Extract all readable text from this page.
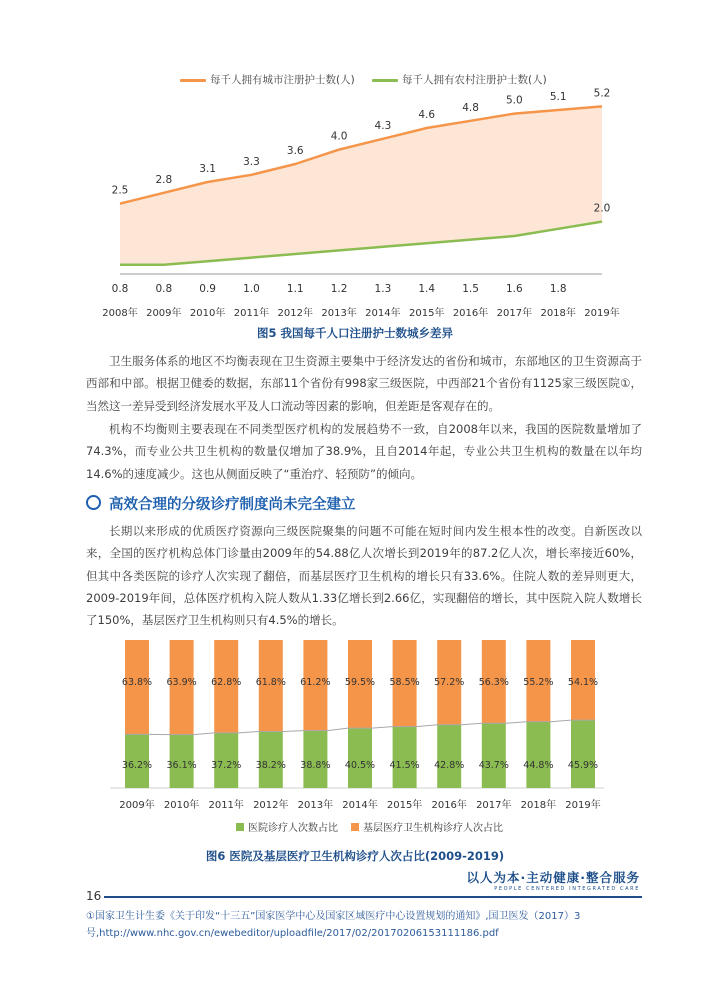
每千人拥有城市注册护士数(人)	每千人拥有农村注册护士数(人)
2.5
2.8
3.1
3.3
3.6
4.0
4.3
4.6
4.8
5.0	5.1	5.2
0.8	0.8	0.9	1.0	1.1	1.2	1.3	1.4	1.5	1.6	1.8
2.0
2008年 2009年 2010年 2011年 2012年 2013年 2014年 2015年 2016年 2017年 2018年 2019年
图5 我国每千人口注册护士数城乡差异

卫生服务体系的地区不均衡表现在卫生资源主要集中于经济发达的省份和城市，东部地区的卫生资源高于西部和中部。根据卫健委的数据，东部11个省份有998家三级医院，中西部21个省份有1125家三级医院①，当然这一差异受到经济发展水平及人口流动等因素的影响，但差距是客观存在的。

机构不均衡则主要表现在不同类型医疗机构的发展趋势不一致，自2008年以来，我国的医院数量增加了74.3%，而专业公共卫生机构的数量仅增加了38.9%，且自2014年起，专业公共卫生机构的数量在以年均14.6%的速度减少。这也从侧面反映了“重治疗、轻预防”的倾向。

高效合理的分级诊疗制度尚未完全建立

长期以来形成的优质医疗资源向三级医院聚集的问题不可能在短时间内发生根本性的改变。自新医改以来，全国的医疗机构总体门诊量由2009年的54.88亿人次增长到2019年的87.2亿人次，增长率接近60%，但其中各类医院的诊疗人次实现了翻倍，而基层医疗卫生机构的增长只有33.6%。住院人数的差异则更大，2009-2019年间，总体医疗机构入院人数从1.33亿增长到2.66亿，实现翻倍的增长，其中医院入院人数增长了150%，基层医疗卫生机构则只有4.5%的增长。

63.8%
36.2%
2009年
63.9%
36.1%
2010年
62.8%
37.2%
2011年
61.8%
38.2%
2012年
61.2%
38.8%
2013年
59.5%
40.5%
2014年
58.5%
41.5%
2015年
57.2%
42.8%
2016年
56.3%
43.7%
2017年
55.2%
44.8%
2018年
54.1%
45.9%
2019年
医院诊疗人次数占比	基层医疗卫生机构诊疗人次占比
图6 医院及基层医疗卫生机构诊疗人次占比(2009-2019)
以人为本·主动健康·整合服务
PEOPLE CENTERED INTEGRATED CARE
16
①国家卫生计生委《关于印发“十三五”国家医学中心及国家区域医疗中心设置规划的通知》,国卫医发（2017）3号,http://www.nhc.gov.cn/ewebeditor/uploadfile/2017/02/20170206153111186.pdf
